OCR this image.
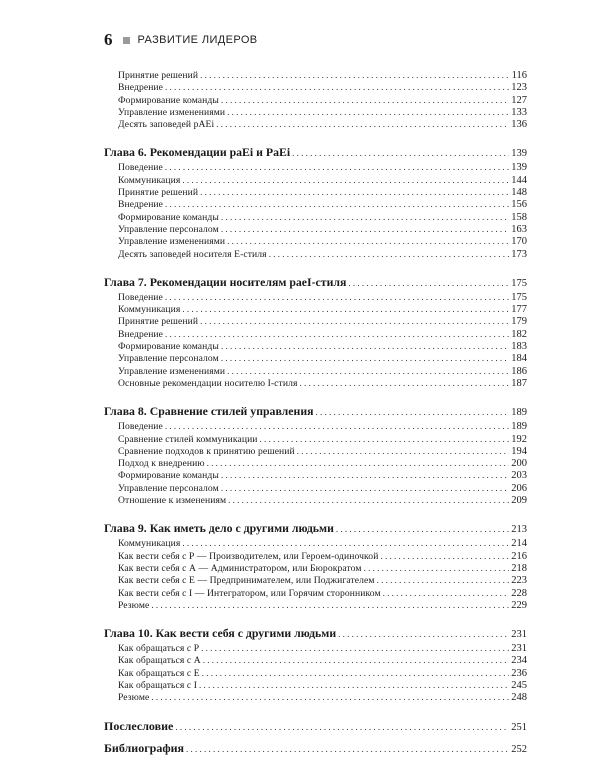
6 РАЗВИТИЕ ЛИДЕРОВ
Принятие решений . . .	116
Внедрение . . .	123
Формирование команды . . .	127
Управление изменениями . . .	133
Десять заповедей рАЕі . . .	136
Глава 6. Рекомендации раЕі и РаЕі . . .	139
Поведение . . .	139
Коммуникация . . .	144
Принятие решений . . .	148
Внедрение . . .	156
Формирование команды . . .	158
Управление персоналом . . .	163
Управление изменениями . . .	170
Десять заповедей носителя Е-стиля . . .	173
Глава 7. Рекомендации носителям раеІ-стиля . . .	175
Поведение . . .	175
Коммуникация . . .	177
Принятие решений . . .	179
Внедрение . . .	182
Формирование команды . . .	183
Управление персоналом . . .	184
Управление изменениями . . .	186
Основные рекомендации носителю І-стиля . . .	187
Глава 8. Сравнение стилей управления . . .	189
Поведение . . .	189
Сравнение стилей коммуникации . . .	192
Сравнение подходов к принятию решений . . .	194
Подход к внедрению . . .	200
Формирование команды . . .	203
Управление персоналом . . .	206
Отношение к изменениям . . .	209
Глава 9. Как иметь дело с другими людьми . . .	213
Коммуникация . . .	214
Как вести себя с Р — Производителем, или Героем-одиночкой . . .	216
Как вести себя с А — Администратором, или Бюрократом . . .	218
Как вести себя с Е — Предпринимателем, или Поджигателем . . .	223
Как вести себя с І — Интегратором, или Горячим сторонником . . .	228
Резюме . . .	229
Глава 10. Как вести себя с другими людьми . . .	231
Как обращаться с Р . . .	231
Как обращаться с А . . .	234
Как обращаться с Е . . .	236
Как обращаться с І . . .	245
Резюме . . .	248
Послесловие . . .	251
Библиография . . .	252
